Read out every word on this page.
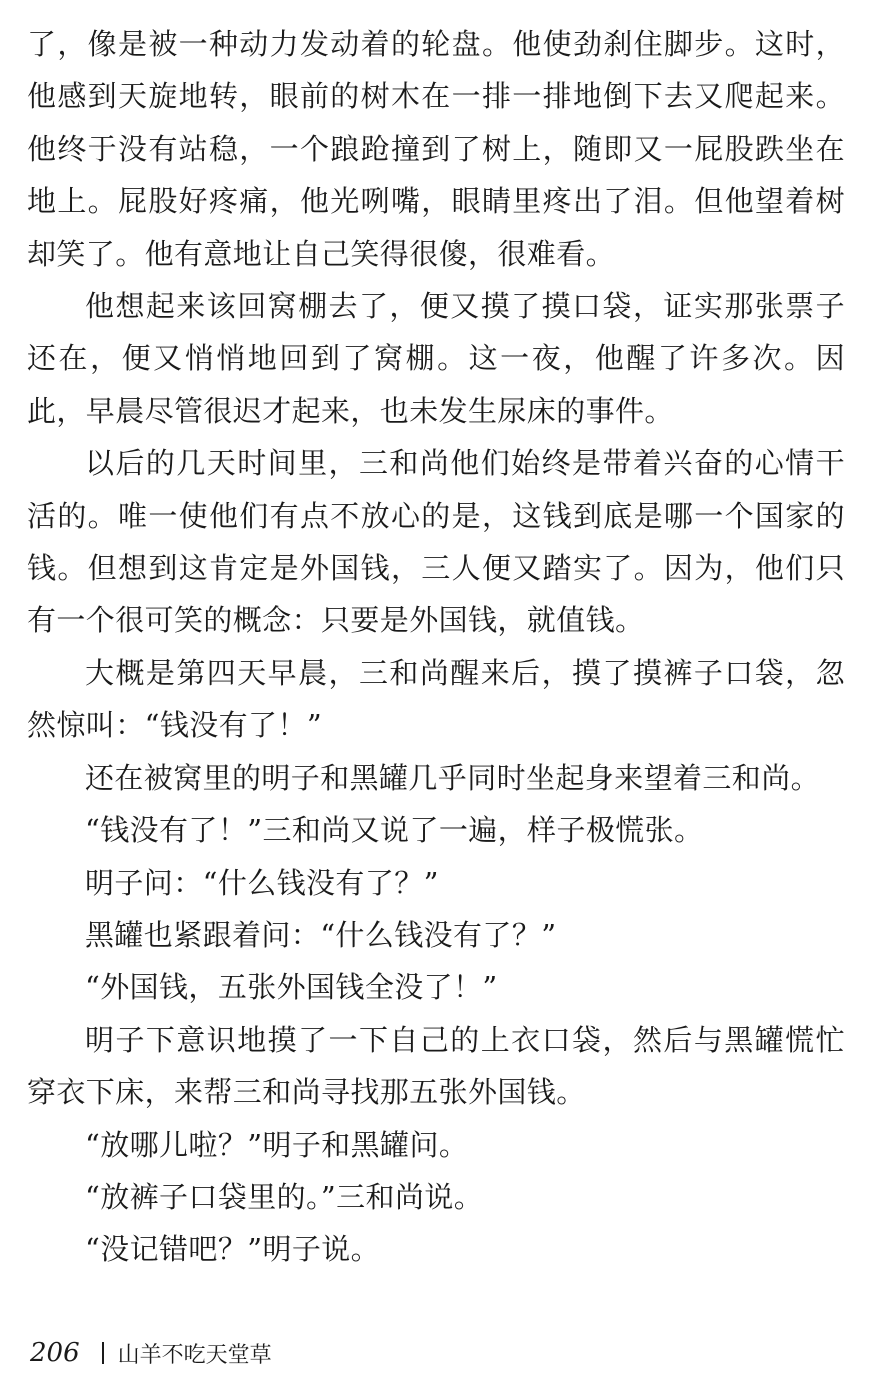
了，像是被一种动力发动着的轮盘。他使劲刹住脚步。这时，他感到天旋地转，眼前的树木在一排一排地倒下去又爬起来。他终于没有站稳，一个踉跄撞到了树上，随即又一屁股跌坐在地上。屁股好疼痛，他光咧嘴，眼睛里疼出了泪。但他望着树却笑了。他有意地让自己笑得很傻，很难看。

他想起来该回窝棚去了，便又摸了摸口袋，证实那张票子还在，便又悄悄地回到了窝棚。这一夜，他醒了许多次。因此，早晨尽管很迟才起来，也未发生尿床的事件。

以后的几天时间里，三和尚他们始终是带着兴奋的心情干活的。唯一使他们有点不放心的是，这钱到底是哪一个国家的钱。但想到这肯定是外国钱，三人便又踏实了。因为，他们只有一个很可笑的概念：只要是外国钱，就值钱。

大概是第四天早晨，三和尚醒来后，摸了摸裤子口袋，忽然惊叫：“钱没有了！”

还在被窝里的明子和黑罐几乎同时坐起身来望着三和尚。

“钱没有了！”三和尚又说了一遍，样子极慌张。

明子问：“什么钱没有了？”

黑罐也紧跟着问：“什么钱没有了？”

“外国钱，五张外国钱全没了！”

明子下意识地摸了一下自己的上衣口袋，然后与黑罐慌忙穿衣下床，来帮三和尚寻找那五张外国钱。

“放哪儿啦？”明子和黑罐问。

“放裤子口袋里的。”三和尚说。

“没记错吧？”明子说。

206 山羊不吃天堂草
